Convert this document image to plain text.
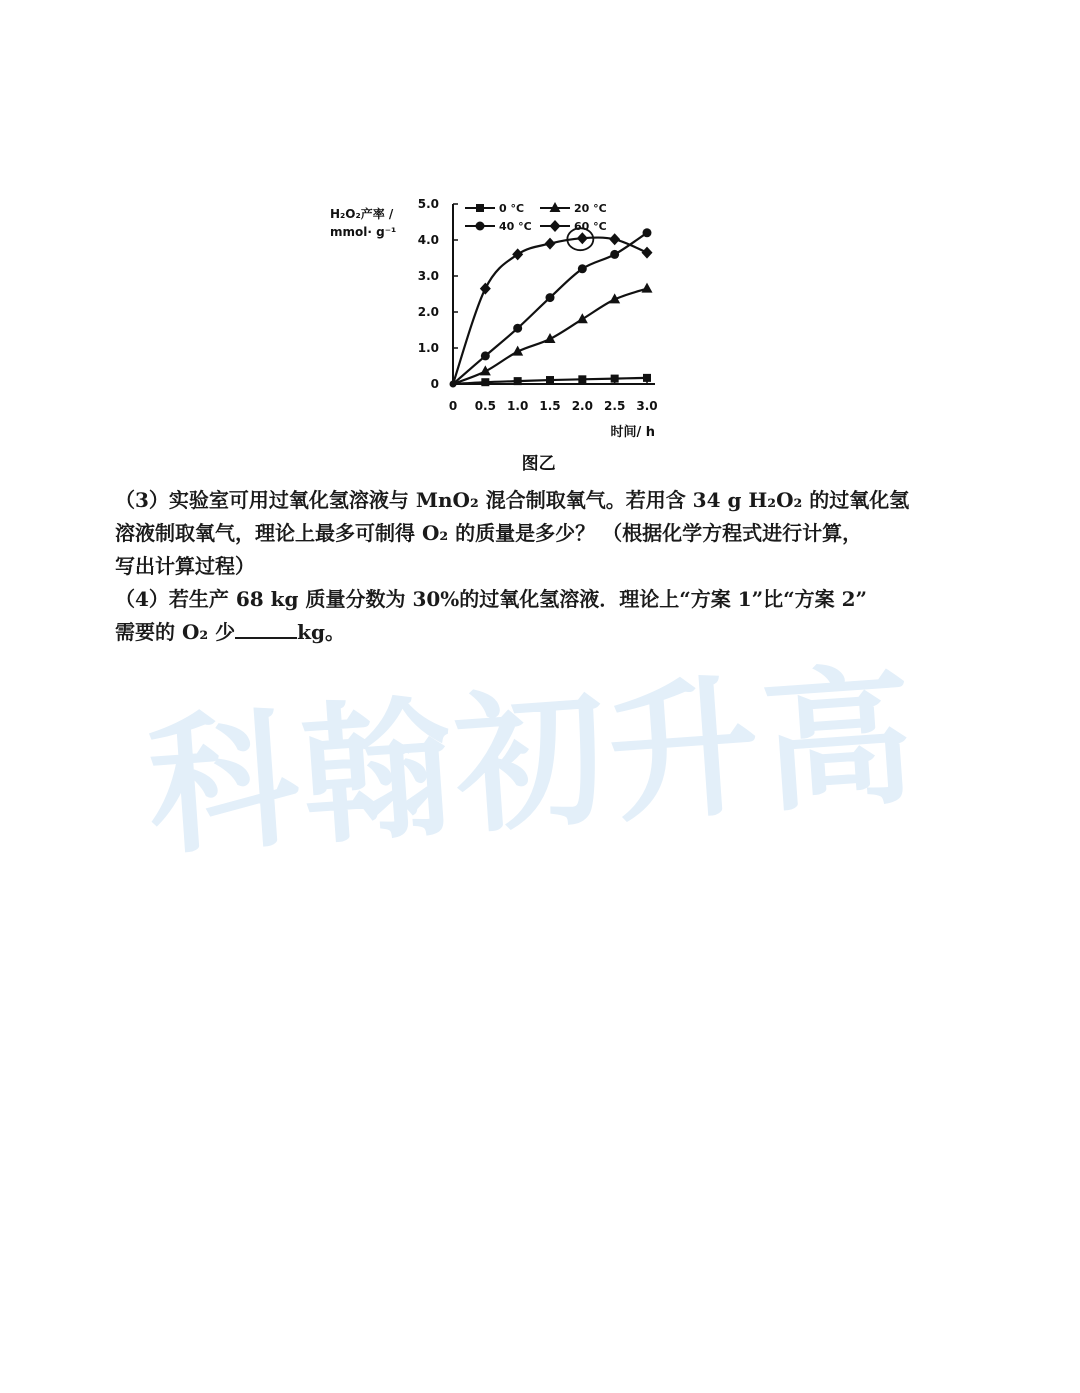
科翰初升高
0
1.0
2.0
3.0
4.0
5.0
0 0.5 1.0 1.5 2.0 2.5 3.0
H₂O₂产率 /
mmol· g⁻¹
时间/ h
0 °C	20 °C
40 °C	60 °C
图乙

（3）实验室可用过氧化氢溶液与 MnO₂ 混合制取氧气。若用含 34 g H₂O₂ 的过氧化氢

溶液制取氧气，理论上最多可制得 O₂ 的质量是多少？ （根据化学方程式进行计算，

写出计算过程）

（4）若生产 68 kg 质量分数为 30%的过氧化氢溶液．理论上“方案 1”比“方案 2”

需要的 O₂ 少	kg。
